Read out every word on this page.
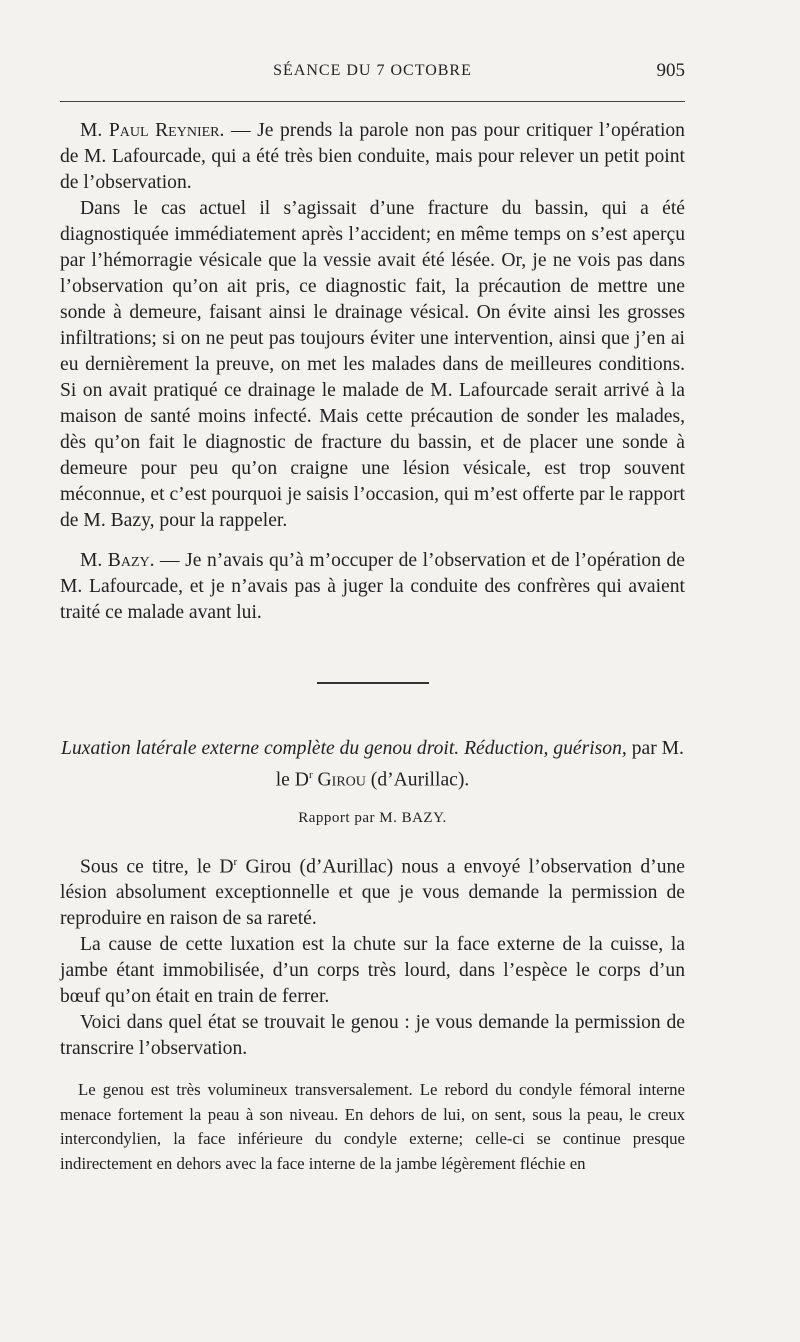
SÉANCE DU 7 OCTOBRE	905

M. Paul Reynier. — Je prends la parole non pas pour critiquer l’opération de M. Lafourcade, qui a été très bien conduite, mais pour relever un petit point de l’observation.

Dans le cas actuel il s’agissait d’une fracture du bassin, qui a été diagnostiquée immédiatement après l’accident; en même temps on s’est aperçu par l’hémorragie vésicale que la vessie avait été lésée. Or, je ne vois pas dans l’observation qu’on ait pris, ce diagnostic fait, la précaution de mettre une sonde à demeure, faisant ainsi le drainage vésical. On évite ainsi les grosses infiltrations; si on ne peut pas toujours éviter une intervention, ainsi que j’en ai eu dernièrement la preuve, on met les malades dans de meilleures conditions. Si on avait pratiqué ce drainage le malade de M. Lafourcade serait arrivé à la maison de santé moins infecté. Mais cette précaution de sonder les malades, dès qu’on fait le diagnostic de fracture du bassin, et de placer une sonde à demeure pour peu qu’on craigne une lésion vésicale, est trop souvent méconnue, et c’est pourquoi je saisis l’occasion, qui m’est offerte par le rapport de M. Bazy, pour la rappeler.

M. Bazy. — Je n’avais qu’à m’occuper de l’observation et de l’opération de M. Lafourcade, et je n’avais pas à juger la conduite des confrères qui avaient traité ce malade avant lui.

Luxation latérale externe complète du genou droit. Réduction, guérison, par M. le $D^r$ Girou (d’Aurillac).

Rapport par M. BAZY.

Sous ce titre, le $D^r$ Girou (d’Aurillac) nous a envoyé l’observation d’une lésion absolument exceptionnelle et que je vous demande la permission de reproduire en raison de sa rareté.

La cause de cette luxation est la chute sur la face externe de la cuisse, la jambe étant immobilisée, d’un corps très lourd, dans l’espèce le corps d’un bœuf qu’on était en train de ferrer.

Voici dans quel état se trouvait le genou : je vous demande la permission de transcrire l’observation.

Le genou est très volumineux transversalement. Le rebord du condyle fémoral interne menace fortement la peau à son niveau. En dehors de lui, on sent, sous la peau, le creux intercondylien, la face inférieure du condyle externe; celle-ci se continue presque indirectement en dehors avec la face interne de la jambe légèrement fléchie en
